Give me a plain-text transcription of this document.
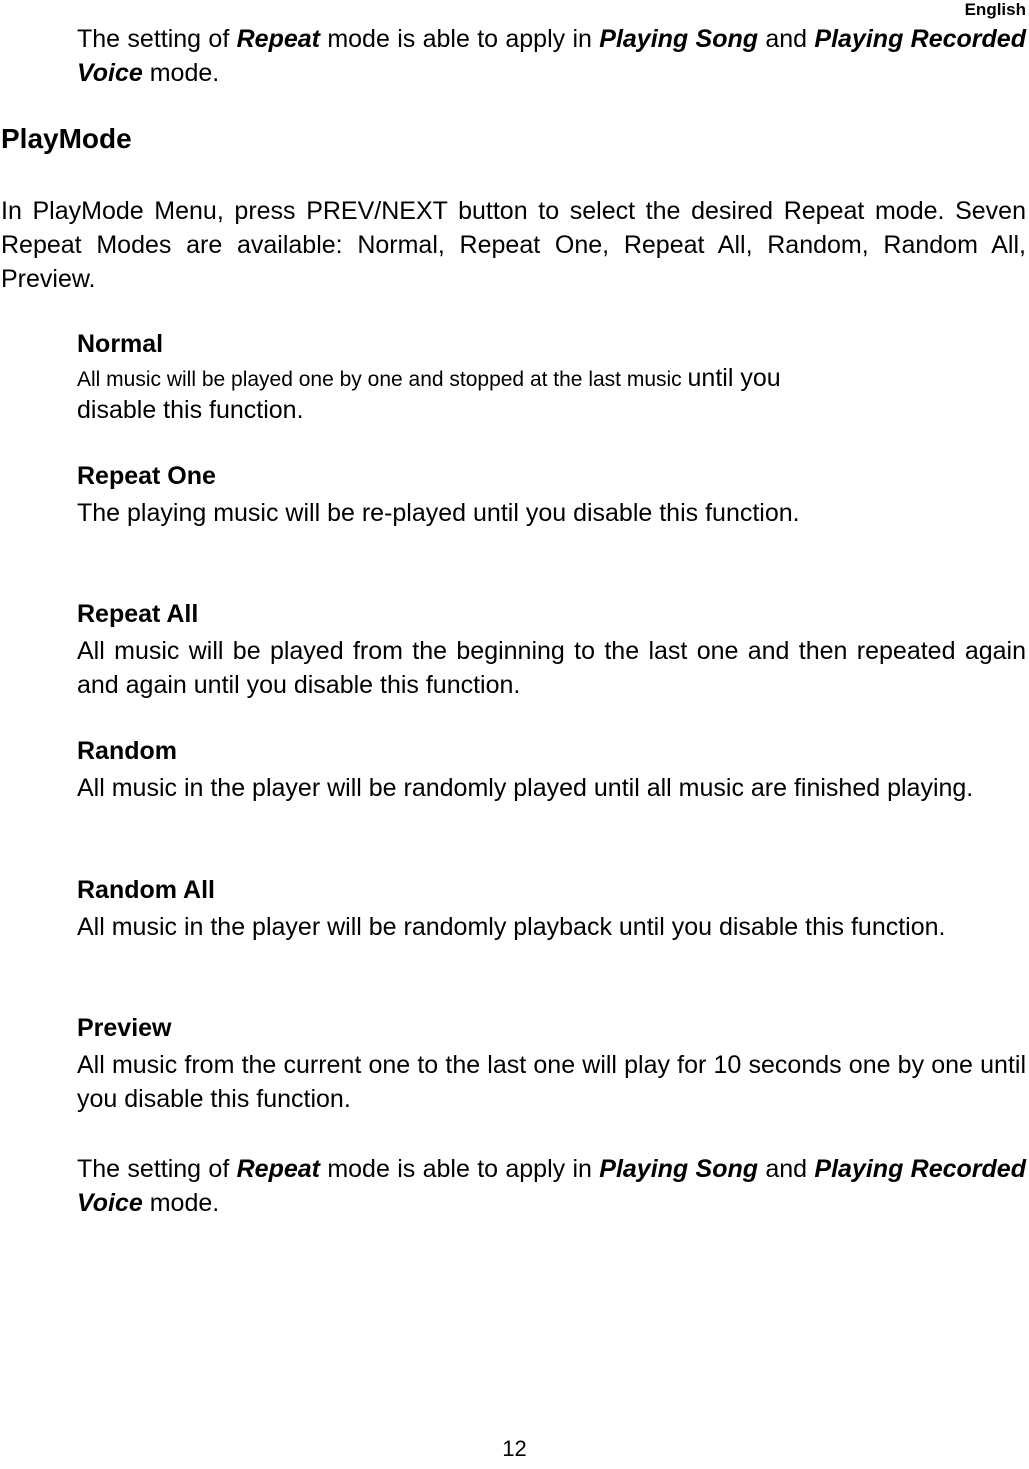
English
The setting of Repeat mode is able to apply in Playing Song and Playing Recorded Voice mode.
PlayMode
In PlayMode Menu, press PREV/NEXT button to select the desired Repeat mode. Seven Repeat Modes are available: Normal, Repeat One, Repeat All, Random, Random All, Preview.
Normal
All music will be played one by one and stopped at the last music until you
disable this function.
Repeat One
The playing music will be re-played until you disable this function.
Repeat All
All music will be played from the beginning to the last one and then repeated again and again until you disable this function.
Random
All music in the player will be randomly played until all music are finished playing.
Random All
All music in the player will be randomly playback until you disable this function.
Preview
All music from the current one to the last one will play for 10 seconds one by one until you disable this function.
The setting of Repeat mode is able to apply in Playing Song and Playing Recorded Voice mode.
12
